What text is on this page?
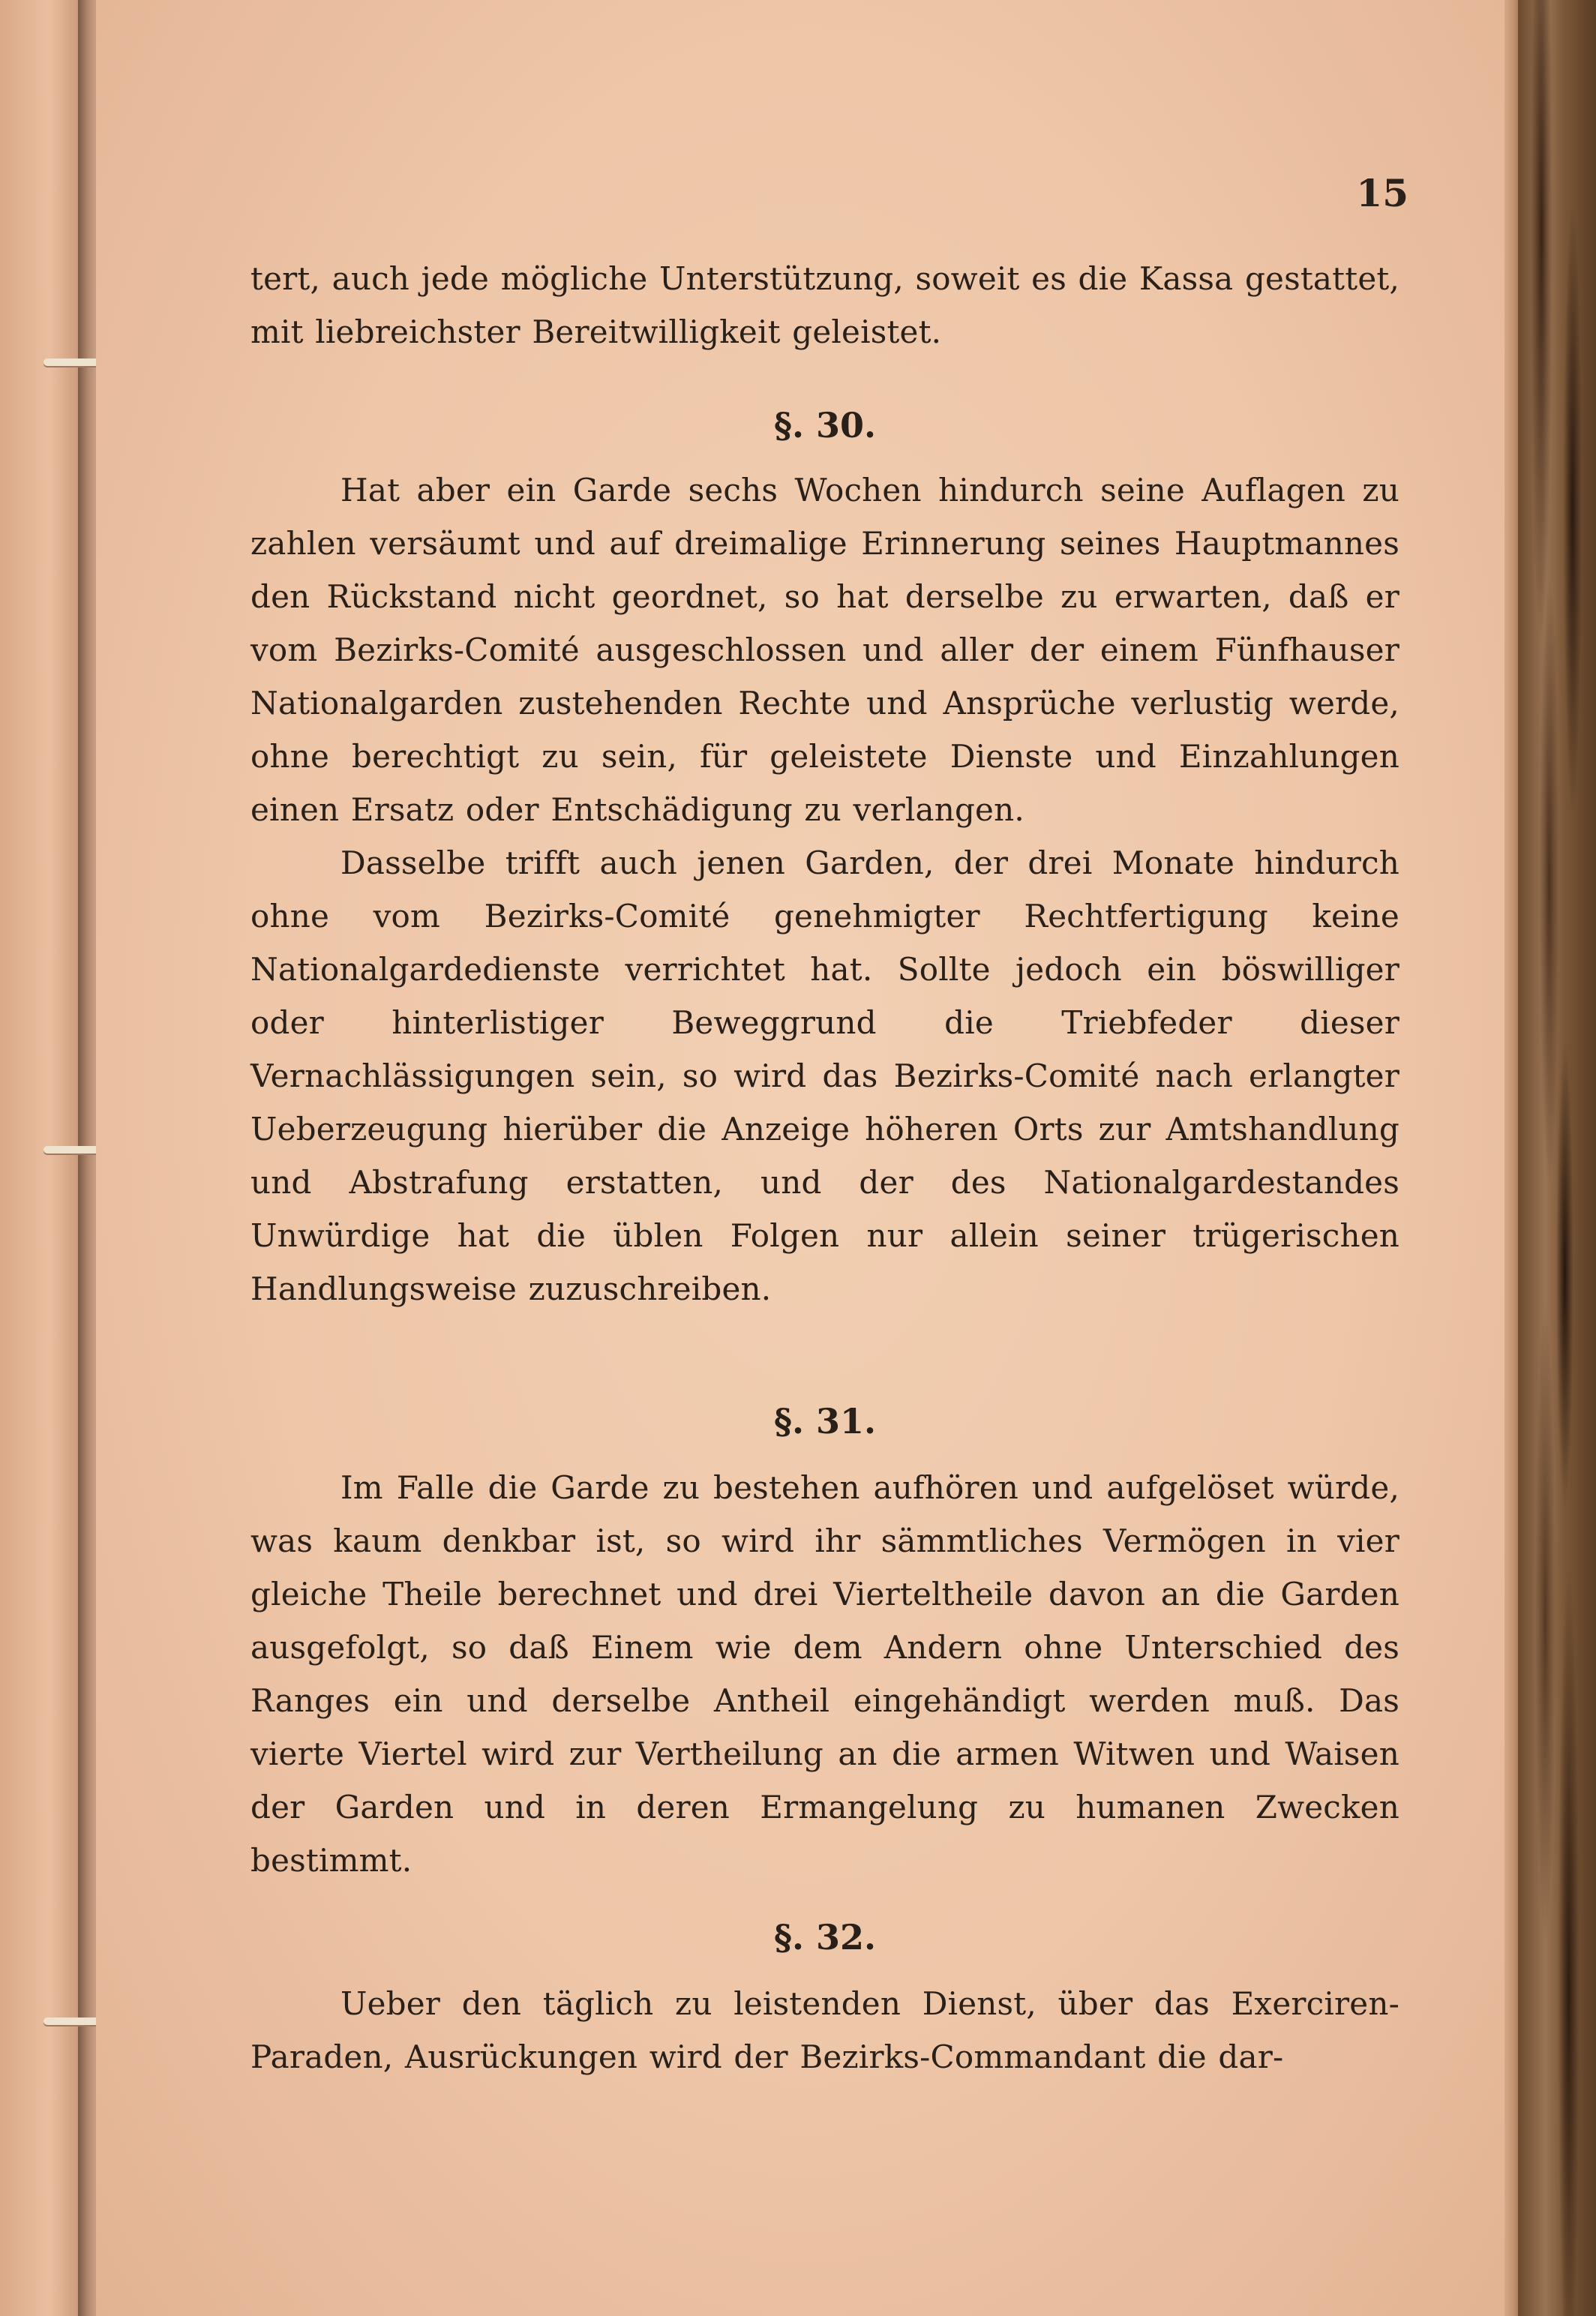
15

tert, auch jede mögliche Unterstützung, soweit es die Kassa gestattet, mit liebreichster Bereitwilligkeit geleistet.

§. 30.

Hat aber ein Garde sechs Wochen hindurch seine Auflagen zu zahlen versäumt und auf dreimalige Erinnerung seines Hauptmannes den Rückstand nicht geordnet, so hat derselbe zu erwarten, daß er vom Bezirks-Comité ausgeschlossen und aller der einem Fünfhauser Nationalgarden zustehenden Rechte und Ansprüche verlustig werde, ohne berechtigt zu sein, für geleistete Dienste und Einzahlungen einen Ersatz oder Entschädigung zu verlangen.

Dasselbe trifft auch jenen Garden, der drei Monate hindurch ohne vom Bezirks-Comité genehmigter Rechtfertigung keine Nationalgardedienste verrichtet hat. Sollte jedoch ein böswilliger oder hinterlistiger Beweggrund die Triebfeder dieser Vernachlässigungen sein, so wird das Bezirks-Comité nach erlangter Ueberzeugung hierüber die Anzeige höheren Orts zur Amtshandlung und Abstrafung erstatten, und der des Nationalgardestandes Unwürdige hat die üblen Folgen nur allein seiner trügerischen Handlungsweise zuzuschreiben.

§. 31.

Im Falle die Garde zu bestehen aufhören und aufgelöset würde, was kaum denkbar ist, so wird ihr sämmtliches Vermögen in vier gleiche Theile berechnet und drei Vierteltheile davon an die Garden ausgefolgt, so daß Einem wie dem Andern ohne Unterschied des Ranges ein und derselbe Antheil eingehändigt werden muß. Das vierte Viertel wird zur Vertheilung an die armen Witwen und Waisen der Garden und in deren Ermangelung zu humanen Zwecken bestimmt.

§. 32.

Ueber den täglich zu leistenden Dienst, über das Exerciren-Paraden, Ausrückungen wird der Bezirks-Commandant die dar-
